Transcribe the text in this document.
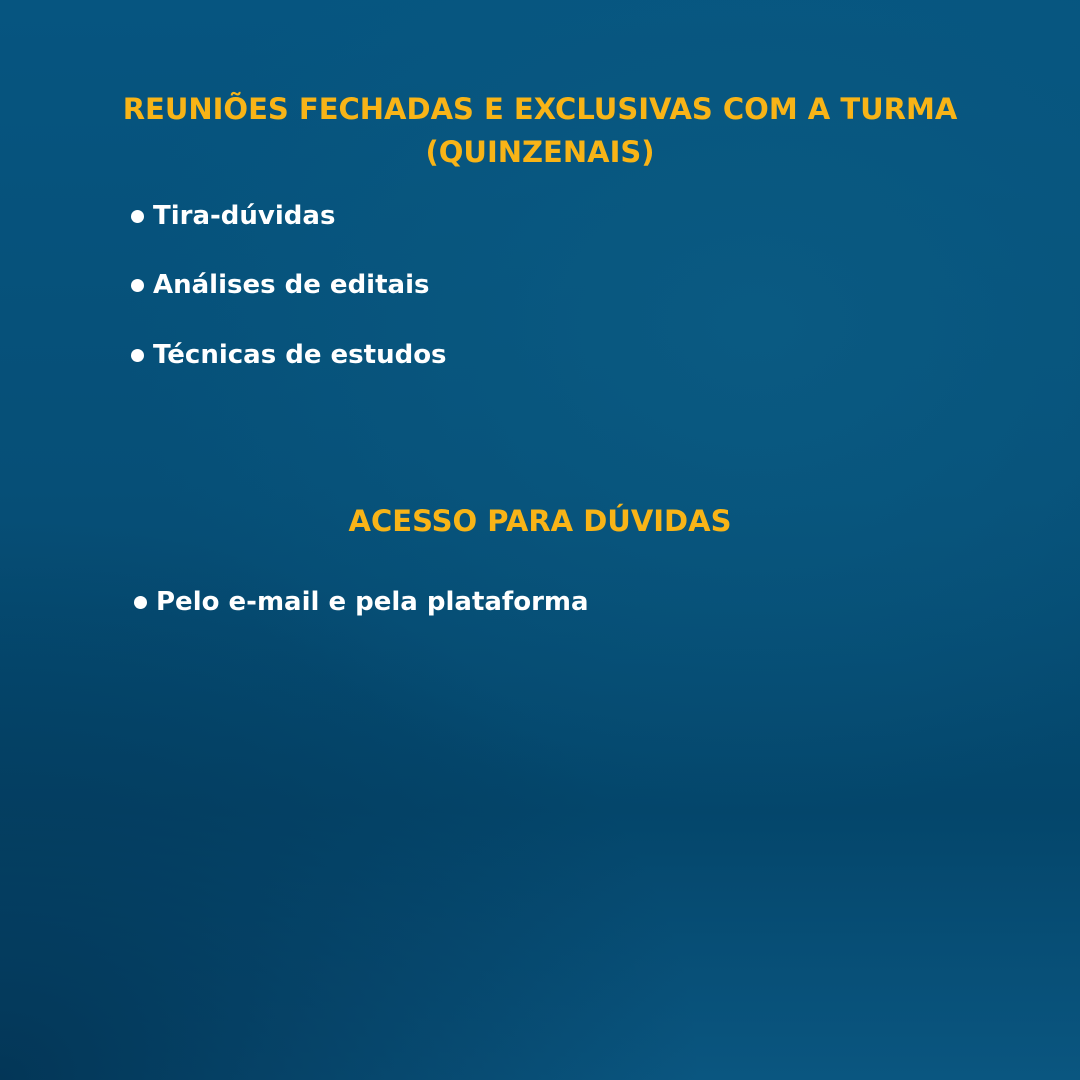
REUNIÕES FECHADAS E EXCLUSIVAS COM A TURMA
(QUINZENAIS)
Tira-dúvidas
Análises de editais
Técnicas de estudos
ACESSO PARA DÚVIDAS
Pelo e-mail e pela plataforma
